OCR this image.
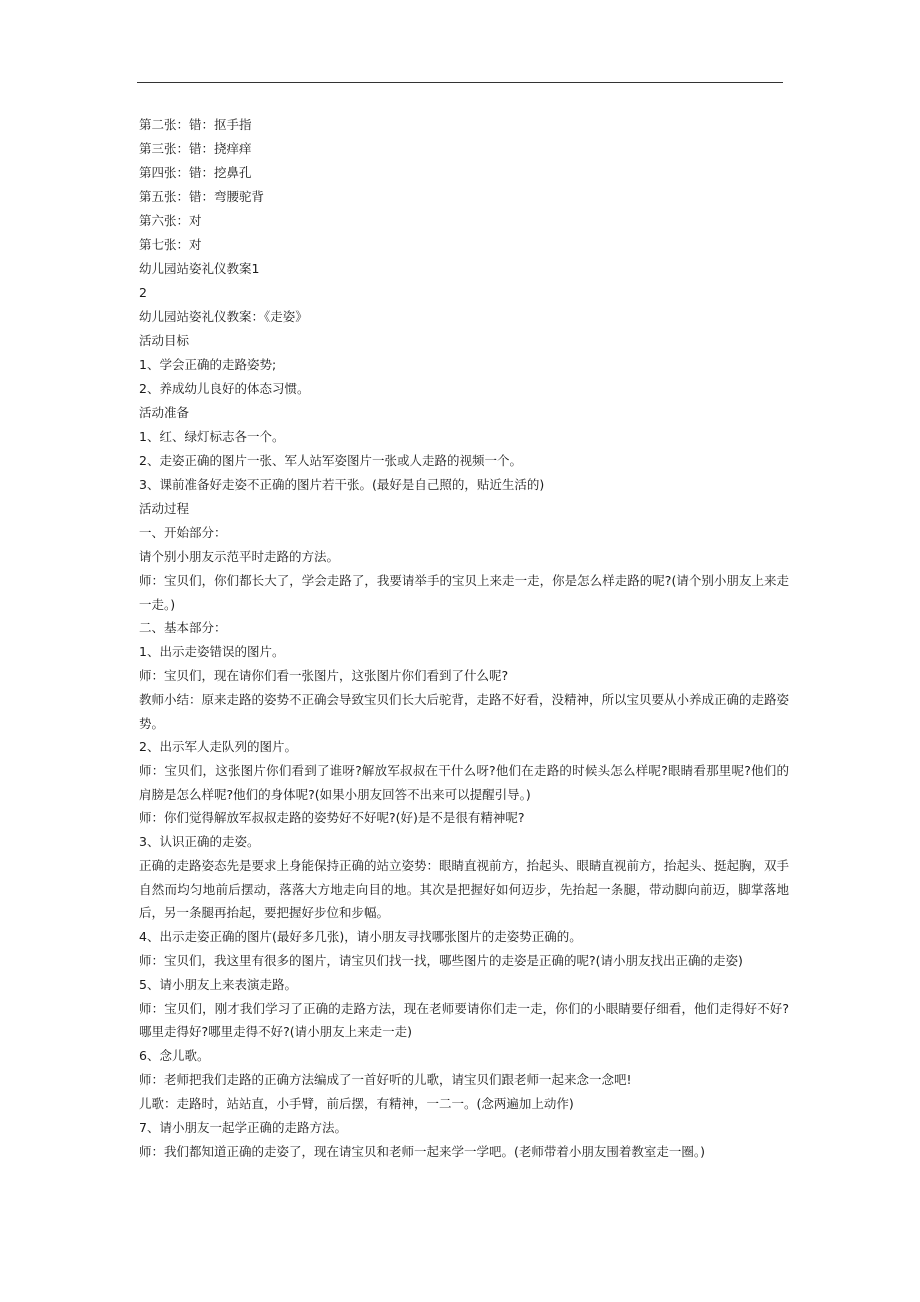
第二张：错：抠手指
第三张：错：挠痒痒
第四张：错：挖鼻孔
第五张：错：弯腰驼背
第六张：对
第七张：对
幼儿园站姿礼仪教案1
2
幼儿园站姿礼仪教案：《走姿》
活动目标
1、学会正确的走路姿势;
2、养成幼儿良好的体态习惯。
活动准备
1、红、绿灯标志各一个。
2、走姿正确的图片一张、军人站军姿图片一张或人走路的视频一个。
3、课前准备好走姿不正确的图片若干张。(最好是自己照的，贴近生活的)
活动过程
一、开始部分：
请个别小朋友示范平时走路的方法。
师：宝贝们，你们都长大了，学会走路了，我要请举手的宝贝上来走一走，你是怎么样走路的呢?(请个别小朋友上来走一走。)
二、基本部分：
1、出示走姿错误的图片。
师：宝贝们，现在请你们看一张图片，这张图片你们看到了什么呢?
教师小结：原来走路的姿势不正确会导致宝贝们长大后驼背，走路不好看，没精神，所以宝贝要从小养成正确的走路姿势。
2、出示军人走队列的图片。
师：宝贝们，这张图片你们看到了谁呀?解放军叔叔在干什么呀?他们在走路的时候头怎么样呢?眼睛看那里呢?他们的肩膀是怎么样呢?他们的身体呢?(如果小朋友回答不出来可以提醒引导。)
师：你们觉得解放军叔叔走路的姿势好不好呢?(好)是不是很有精神呢?
3、认识正确的走姿。
正确的走路姿态先是要求上身能保持正确的站立姿势：眼睛直视前方，抬起头、眼睛直视前方，抬起头、挺起胸，双手自然而均匀地前后摆动，落落大方地走向目的地。其次是把握好如何迈步，先抬起一条腿，带动脚向前迈，脚掌落地后，另一条腿再抬起，要把握好步位和步幅。
4、出示走姿正确的图片(最好多几张)，请小朋友寻找哪张图片的走姿势正确的。
师：宝贝们，我这里有很多的图片，请宝贝们找一找，哪些图片的走姿是正确的呢?(请小朋友找出正确的走姿)
5、请小朋友上来表演走路。
师：宝贝们，刚才我们学习了正确的走路方法，现在老师要请你们走一走，你们的小眼睛要仔细看，他们走得好不好?哪里走得好?哪里走得不好?(请小朋友上来走一走)
6、念儿歌。
师：老师把我们走路的正确方法编成了一首好听的儿歌，请宝贝们跟老师一起来念一念吧!
儿歌：走路时，站站直，小手臂，前后摆，有精神，一二一。(念两遍加上动作)
7、请小朋友一起学正确的走路方法。
师：我们都知道正确的走姿了，现在请宝贝和老师一起来学一学吧。(老师带着小朋友围着教室走一圈。)
